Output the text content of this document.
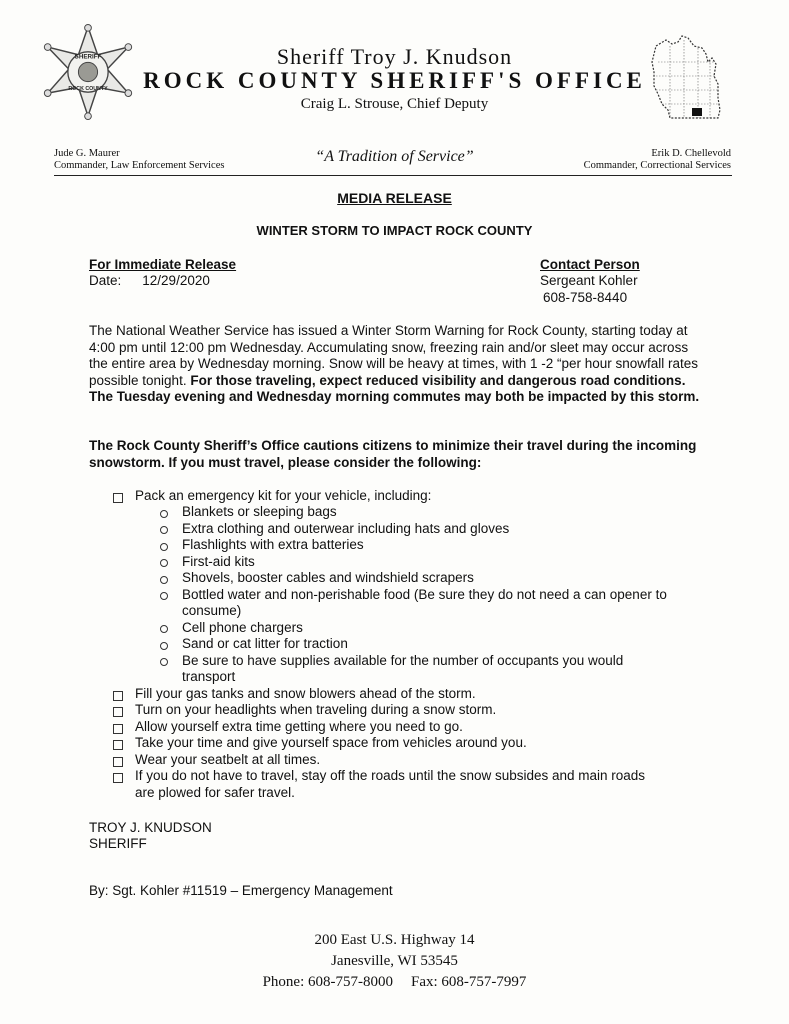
SHERIFF
ROCK COUNTY
Sheriff Troy J. Knudson
ROCK COUNTY SHERIFF'S OFFICE
Craig L. Strouse, Chief Deputy
Jude G. Maurer
Commander, Law Enforcement Services
“A Tradition of Service”	Erik D. Chellevold
Commander, Correctional Services
MEDIA RELEASE
WINTER STORM TO IMPACT ROCK COUNTY
For Immediate Release
Date: 12/29/2020
Contact Person
Sergeant Kohler
608-758-8440
The National Weather Service has issued a Winter Storm Warning for Rock County, starting today at 4:00 pm until 12:00 pm Wednesday. Accumulating snow, freezing rain and/or sleet may occur across the entire area by Wednesday morning. Snow will be heavy at times, with 1 -2 “per hour snowfall rates possible tonight. For those traveling, expect reduced visibility and dangerous road conditions. The Tuesday evening and Wednesday morning commutes may both be impacted by this storm.
The Rock County Sheriff’s Office cautions citizens to minimize their travel during the incoming snowstorm. If you must travel, please consider the following:
Pack an emergency kit for your vehicle, including:
Blankets or sleeping bags
Extra clothing and outerwear including hats and gloves
Flashlights with extra batteries
First-aid kits
Shovels, booster cables and windshield scrapers
Bottled water and non-perishable food (Be sure they do not need a can opener to
consume)
Cell phone chargers
Sand or cat litter for traction
Be sure to have supplies available for the number of occupants you would
transport
Fill your gas tanks and snow blowers ahead of the storm.
Turn on your headlights when traveling during a snow storm.
Allow yourself extra time getting where you need to go.
Take your time and give yourself space from vehicles around you.
Wear your seatbelt at all times.
If you do not have to travel, stay off the roads until the snow subsides and main roads
are plowed for safer travel.
TROY J. KNUDSON
SHERIFF
By: Sgt. Kohler #11519 – Emergency Management
200 East U.S. Highway 14
Janesville, WI 53545
Phone: 608-757-8000 Fax: 608-757-7997
